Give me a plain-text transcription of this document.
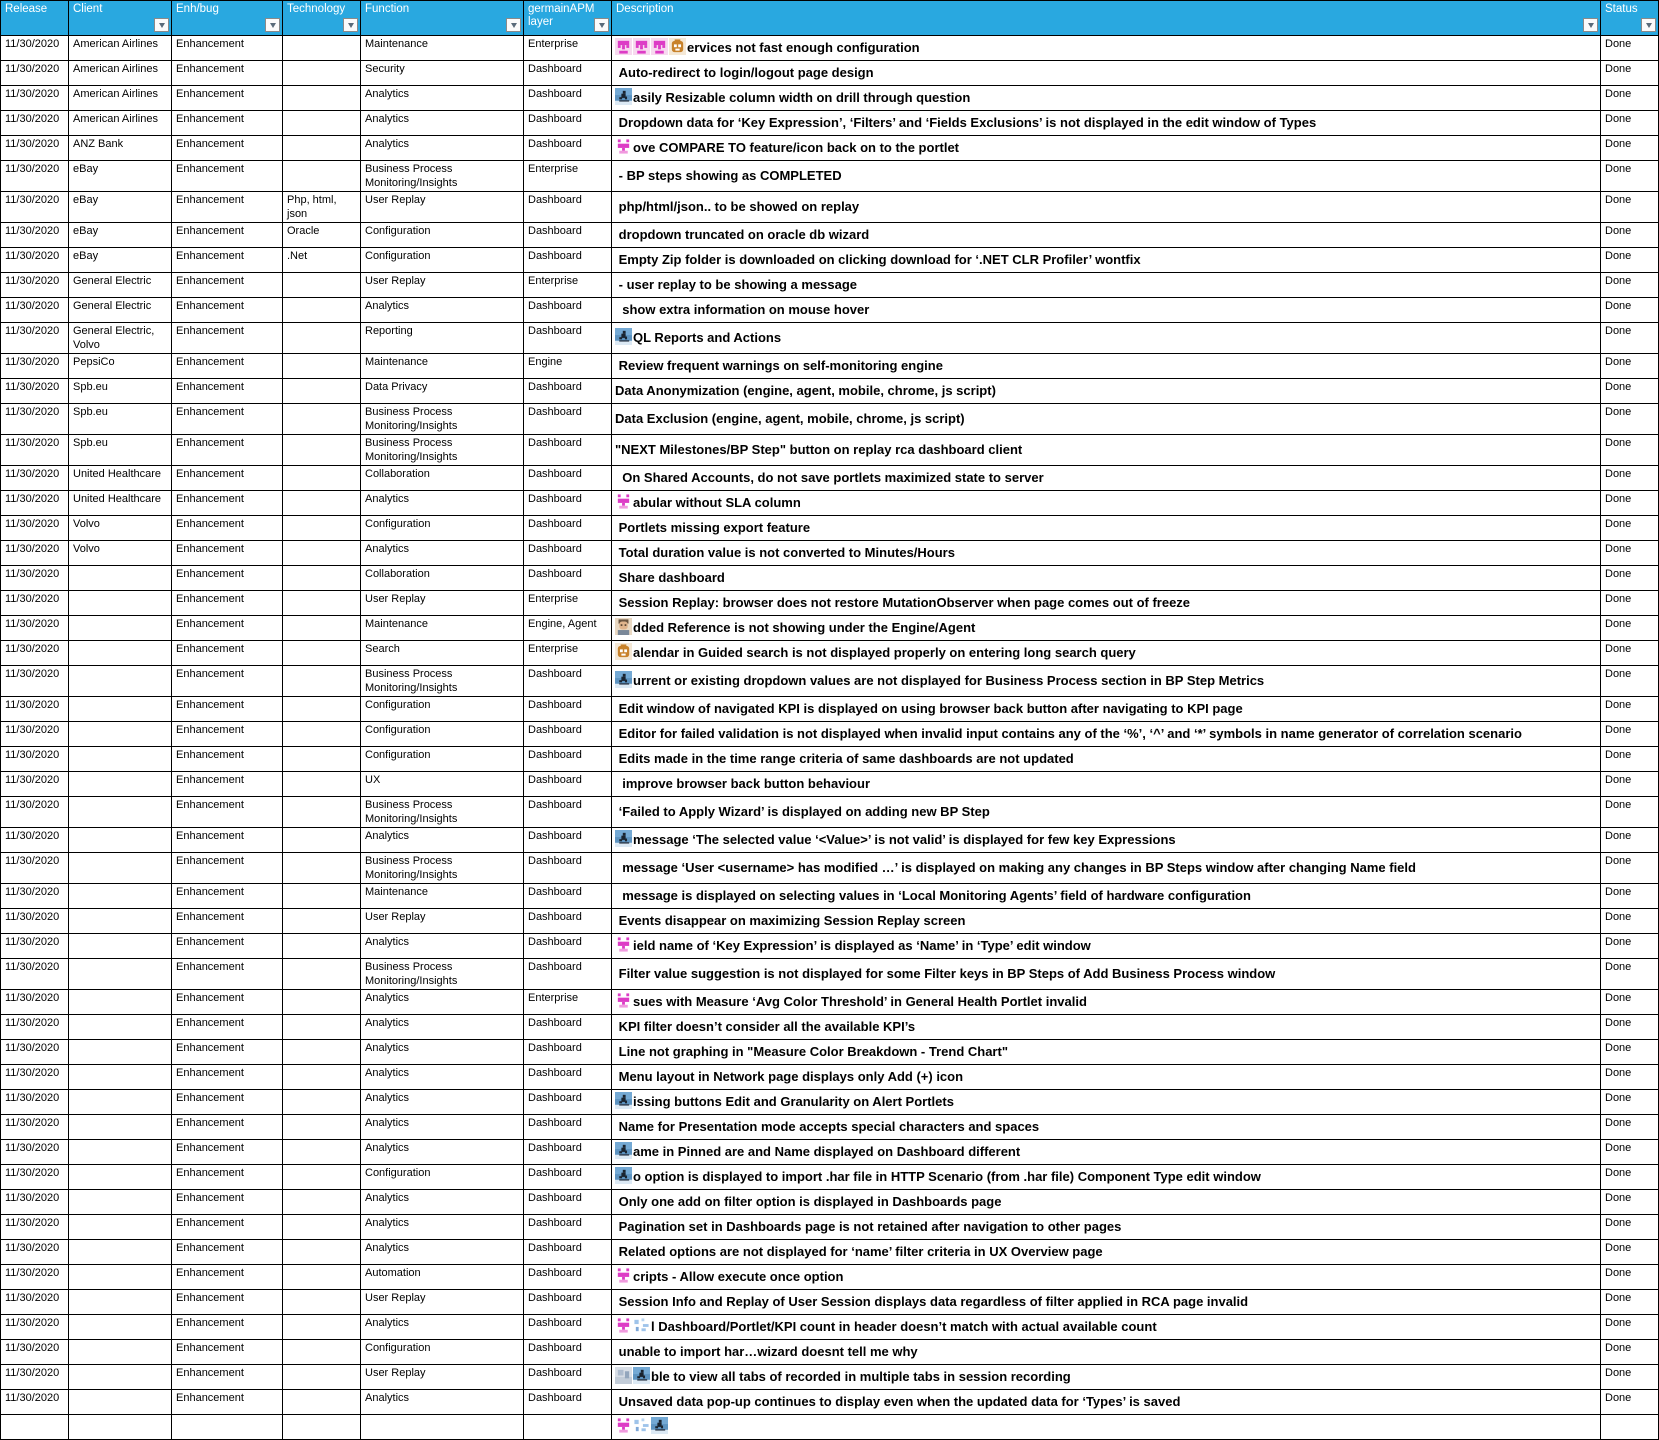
Release	Client	Enh/bug	Technology	Function	germainAPM layer	Description	Status

11/30/2020	American Airlines	Enhancement		Maintenance	Enterprise	ervices not fast enough configuration	Done
11/30/2020	American Airlines	Enhancement		Security	Dashboard	Auto-redirect to login/logout page design	Done
11/30/2020	American Airlines	Enhancement		Analytics	Dashboard	asily Resizable column width on drill through question	Done
11/30/2020	American Airlines	Enhancement		Analytics	Dashboard	Dropdown data for ‘Key Expression’, ‘Filters’ and ‘Fields Exclusions’ is not displayed in the edit window of Types	Done
11/30/2020	ANZ Bank	Enhancement		Analytics	Dashboard	ove COMPARE TO feature/icon back on to the portlet	Done
11/30/2020	eBay	Enhancement		Business Process Monitoring/Insights	Enterprise	- BP steps showing as COMPLETED	Done
11/30/2020	eBay	Enhancement	Php, html, json	User Replay	Dashboard	php/html/json.. to be showed on replay	Done
11/30/2020	eBay	Enhancement	Oracle	Configuration	Dashboard	dropdown truncated on oracle db wizard	Done
11/30/2020	eBay	Enhancement	.Net	Configuration	Dashboard	Empty Zip folder is downloaded on clicking download for ‘.NET CLR Profiler’ wontfix	Done
11/30/2020	General Electric	Enhancement		User Replay	Enterprise	- user replay to be showing a message	Done
11/30/2020	General Electric	Enhancement		Analytics	Dashboard	show extra information on mouse hover	Done
11/30/2020	General Electric, Volvo	Enhancement		Reporting	Dashboard	QL Reports and Actions	Done
11/30/2020	PepsiCo	Enhancement		Maintenance	Engine	Review frequent warnings on self-monitoring engine	Done
11/30/2020	Spb.eu	Enhancement		Data Privacy	Dashboard	Data Anonymization (engine, agent, mobile, chrome, js script)	Done
11/30/2020	Spb.eu	Enhancement		Business Process Monitoring/Insights	Dashboard	Data Exclusion (engine, agent, mobile, chrome, js script)	Done
11/30/2020	Spb.eu	Enhancement		Business Process Monitoring/Insights	Dashboard	"NEXT Milestones/BP Step" button on replay rca dashboard client	Done
11/30/2020	United Healthcare	Enhancement		Collaboration	Dashboard	On Shared Accounts, do not save portlets maximized state to server	Done
11/30/2020	United Healthcare	Enhancement		Analytics	Dashboard	abular without SLA column	Done
11/30/2020	Volvo	Enhancement		Configuration	Dashboard	Portlets missing export feature	Done
11/30/2020	Volvo	Enhancement		Analytics	Dashboard	Total duration value is not converted to Minutes/Hours	Done
11/30/2020		Enhancement		Collaboration	Dashboard	Share dashboard	Done
11/30/2020		Enhancement		User Replay	Enterprise	Session Replay: browser does not restore MutationObserver when page comes out of freeze	Done
11/30/2020		Enhancement		Maintenance	Engine, Agent	dded Reference is not showing under the Engine/Agent	Done
11/30/2020		Enhancement		Search	Enterprise	alendar in Guided search is not displayed properly on entering long search query	Done
11/30/2020		Enhancement		Business Process Monitoring/Insights	Dashboard	urrent or existing dropdown values are not displayed for Business Process section in BP Step Metrics	Done
11/30/2020		Enhancement		Configuration	Dashboard	Edit window of navigated KPI is displayed on using browser back button after navigating to KPI page	Done
11/30/2020		Enhancement		Configuration	Dashboard	Editor for failed validation is not displayed when invalid input contains any of the ‘%’, ‘^’ and ‘*’ symbols in name generator of correlation scenario	Done
11/30/2020		Enhancement		Configuration	Dashboard	Edits made in the time range criteria of same dashboards are not updated	Done
11/30/2020		Enhancement		UX	Dashboard	improve browser back button behaviour	Done
11/30/2020		Enhancement		Business Process Monitoring/Insights	Dashboard	‘Failed to Apply Wizard’ is displayed on adding new BP Step	Done
11/30/2020		Enhancement		Analytics	Dashboard	message ‘The selected value ‘<Value>’ is not valid’ is displayed for few key Expressions	Done
11/30/2020		Enhancement		Business Process Monitoring/Insights	Dashboard	message ‘User <username> has modified …’ is displayed on making any changes in BP Steps window after changing Name field	Done
11/30/2020		Enhancement		Maintenance	Dashboard	message is displayed on selecting values in ‘Local Monitoring Agents’ field of hardware configuration	Done
11/30/2020		Enhancement		User Replay	Dashboard	Events disappear on maximizing Session Replay screen	Done
11/30/2020		Enhancement		Analytics	Dashboard	ield name of ‘Key Expression’ is displayed as ‘Name’ in ‘Type’ edit window	Done
11/30/2020		Enhancement		Business Process Monitoring/Insights	Dashboard	Filter value suggestion is not displayed for some Filter keys in BP Steps of Add Business Process window	Done
11/30/2020		Enhancement		Analytics	Enterprise	sues with Measure ‘Avg Color Threshold’ in General Health Portlet invalid	Done
11/30/2020		Enhancement		Analytics	Dashboard	KPI filter doesn’t consider all the available KPI’s	Done
11/30/2020		Enhancement		Analytics	Dashboard	Line not graphing in "Measure Color Breakdown - Trend Chart"	Done
11/30/2020		Enhancement		Analytics	Dashboard	Menu layout in Network page displays only Add (+) icon	Done
11/30/2020		Enhancement		Analytics	Dashboard	issing buttons Edit and Granularity on Alert Portlets	Done
11/30/2020		Enhancement		Analytics	Dashboard	Name for Presentation mode accepts special characters and spaces	Done
11/30/2020		Enhancement		Analytics	Dashboard	ame in Pinned are and Name displayed on Dashboard different	Done
11/30/2020		Enhancement		Configuration	Dashboard	o option is displayed to import .har file in HTTP Scenario (from .har file) Component Type edit window	Done
11/30/2020		Enhancement		Analytics	Dashboard	Only one add on filter option is displayed in Dashboards page	Done
11/30/2020		Enhancement		Analytics	Dashboard	Pagination set in Dashboards page is not retained after navigation to other pages	Done
11/30/2020		Enhancement		Analytics	Dashboard	Related options are not displayed for ‘name’ filter criteria in UX Overview page	Done
11/30/2020		Enhancement		Automation	Dashboard	cripts - Allow execute once option	Done
11/30/2020		Enhancement		User Replay	Dashboard	Session Info and Replay of User Session displays data regardless of filter applied in RCA page invalid	Done
11/30/2020		Enhancement		Analytics	Dashboard	l Dashboard/Portlet/KPI count in header doesn’t match with actual available count	Done
11/30/2020		Enhancement		Configuration	Dashboard	unable to import har…wizard doesnt tell me why	Done
11/30/2020		Enhancement		User Replay	Dashboard	ble to view all tabs of recorded in multiple tabs in session recording	Done
11/30/2020		Enhancement		Analytics	Dashboard	Unsaved data pop-up continues to display even when the updated data for ‘Types’ is saved	Done
